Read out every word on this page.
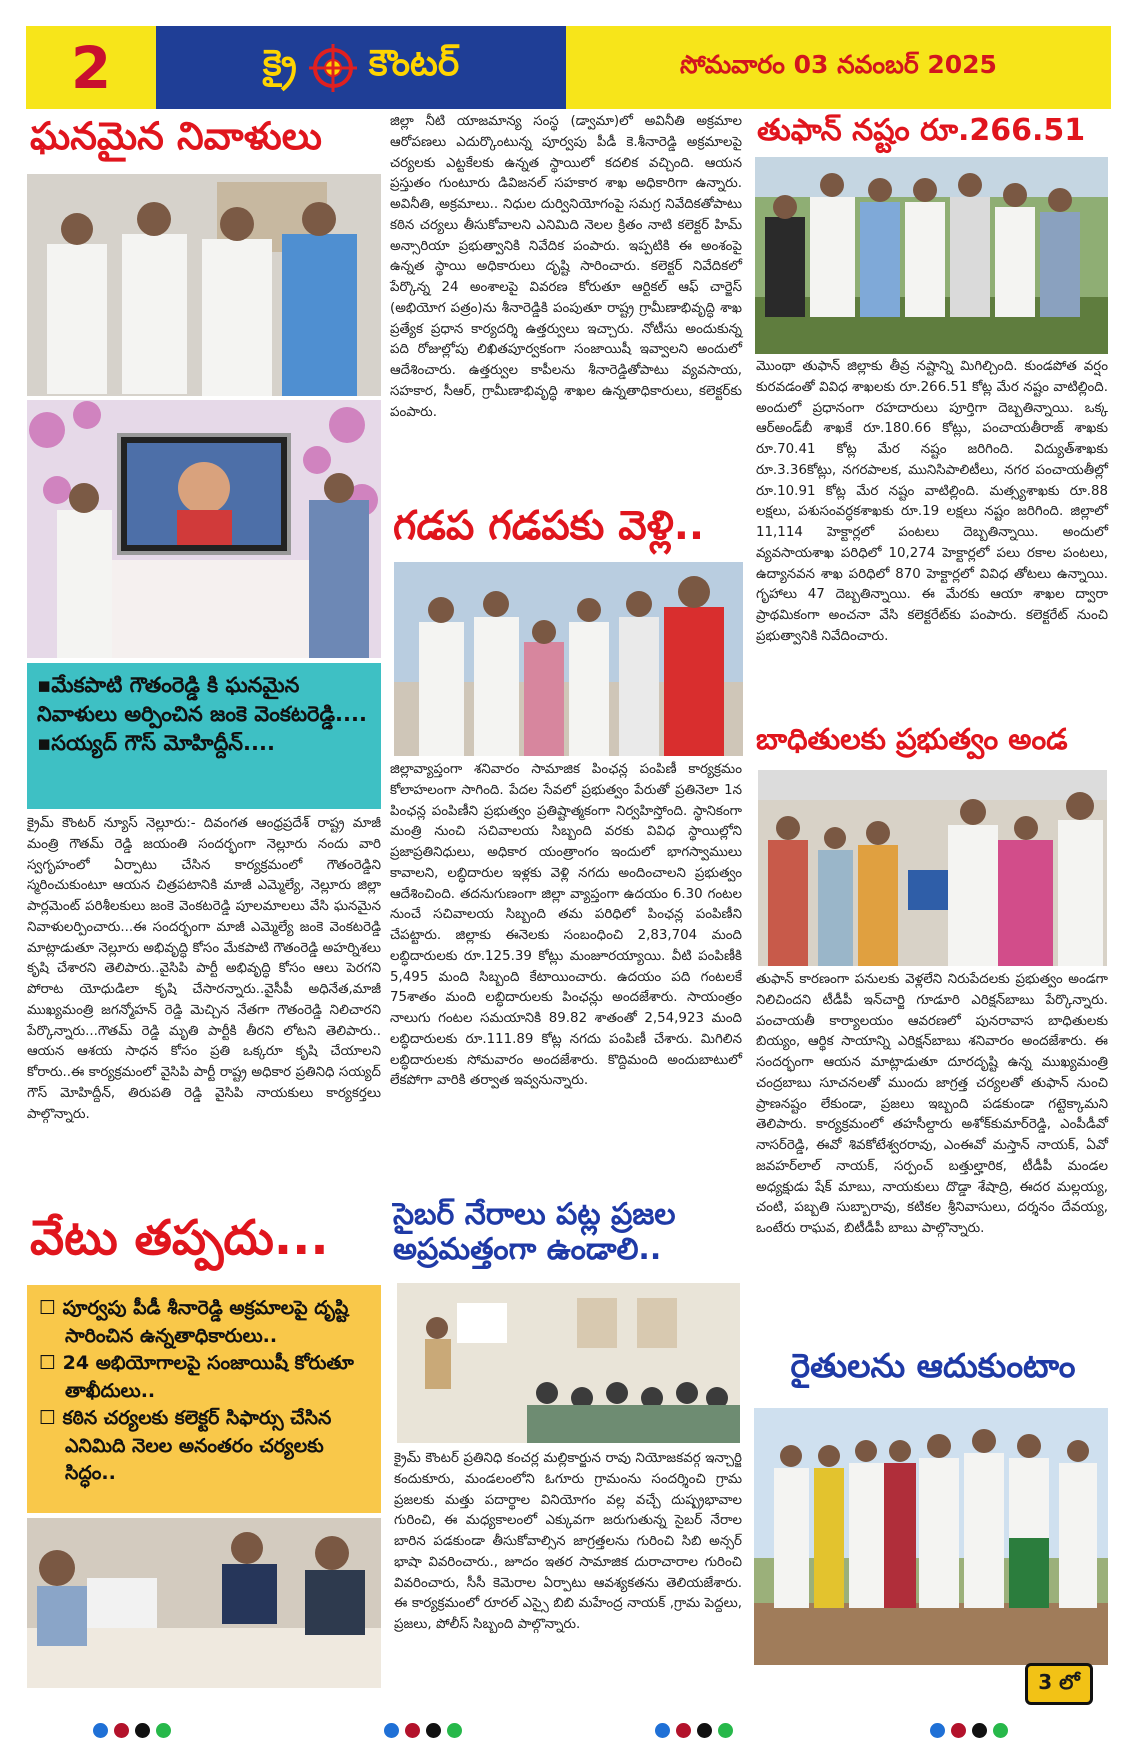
2	క్రై కౌంటర్	సోమవారం 03 నవంబర్ 2025
ఘనమైన నివాళులు
▪మేకపాటి గౌతంరెడ్డి కి ఘనమైన నివాళులు అర్పించిన జంకె వెంకటరెడ్డి....
▪సయ్యద్ గౌస్ మోహిద్దీన్....
క్రైమ్ కౌంటర్ న్యూస్ నెల్లూరు:- దివంగత ఆంధ్రప్రదేశ్ రాష్ట్ర మాజీ మంత్రి గౌతమ్ రెడ్డి జయంతి సందర్భంగా నెల్లూరు నందు వారి స్వగృహంలో ఏర్పాటు చేసిన కార్యక్రమంలో గౌతంరెడ్డిని స్మరించుకుంటూ ఆయన చిత్రపటానికి మాజీ ఎమ్మెల్యే, నెల్లూరు జిల్లా పార్లమెంట్ పరిశీలకులు జంకె వెంకటరెడ్డి పూలమాలలు వేసి ఘనమైన నివాళులర్పించారు...ఈ సందర్భంగా మాజీ ఎమ్మెల్యే జంకె వెంకటరెడ్డి మాట్లాడుతూ నెల్లూరు అభివృద్ధి కోసం మేకపాటి గౌతంరెడ్డి అహర్నిశలు కృషి చేశారని తెలిపారు..వైసిపి పార్టీ అభివృద్ధి కోసం ఆలు పెరగని పోరాట యోధుడిలా కృషి చేసారన్నారు..వైసీపీ అధినేత,మాజీ ముఖ్యమంత్రి జగన్మోహన్ రెడ్డి మెచ్చిన నేతగా గౌతంరెడ్డి నిలిచారని పేర్కొన్నారు...గౌతమ్ రెడ్డి మృతి పార్టీకి తీరని లోటని తెలిపారు.. ఆయన ఆశయ సాధన కోసం ప్రతి ఒక్కరూ కృషి చేయాలని కోరారు..ఈ కార్యక్రమంలో వైసిపి పార్టీ రాష్ట్ర అధికార ప్రతినిధి సయ్యద్ గౌస్ మోహిద్దీన్, తిరుపతి రెడ్డి వైసిపి నాయకులు కార్యకర్తలు పాల్గొన్నారు.
వేటు తప్పదు...
☐ పూర్వపు పీడీ శీనారెడ్డి అక్రమాలపై దృష్టి సారించిన ఉన్నతాధికారులు..
☐ 24 అభియోగాలపై సంజాయిషీ కోరుతూ తాఖీదులు..
☐ కఠిన చర్యలకు కలెక్టర్ సిఫార్సు చేసిన ఎనిమిది నెలల అనంతరం చర్యలకు సిద్ధం..
జిల్లా నీటి యాజమాన్య సంస్థ (డ్వామా)లో అవినీతి అక్రమాల ఆరోపణలు ఎదుర్కొంటున్న పూర్వపు పీడీ కె.శీనారెడ్డి అక్రమాలపై చర్యలకు ఎట్టకేలకు ఉన్నత స్థాయిలో కదలిక వచ్చింది. ఆయన ప్రస్తుతం గుంటూరు డివిజనల్ సహకార శాఖ అధికారిగా ఉన్నారు. అవినీతి, అక్రమాలు.. నిధుల దుర్వినియోగంపై సమగ్ర నివేదికతోపాటు కఠిన చర్యలు తీసుకోవాలని ఎనిమిది నెలల క్రితం నాటి కలెక్టర్ హిమ్ అన్సారియా ప్రభుత్వానికి నివేదిక పంపారు. ఇప్పటికి ఈ అంశంపై ఉన్నత స్థాయి అధికారులు దృష్టి సారించారు. కలెక్టర్ నివేదికలో పేర్కొన్న 24 అంశాలపై వివరణ కోరుతూ ఆర్టికల్ ఆఫ్ చార్జెస్ (అభియోగ పత్రం)ను శీనారెడ్డికి పంపుతూ రాష్ట్ర గ్రామీణాభివృద్ధి శాఖ ప్రత్యేక ప్రధాన కార్యదర్శి ఉత్తర్వులు ఇచ్చారు. నోటీసు అందుకున్న పది రోజుల్లోపు లిఖితపూర్వకంగా సంజాయిషీ ఇవ్వాలని అందులో ఆదేశించారు. ఉత్తర్వుల కాపీలను శీనారెడ్డితోపాటు వ్యవసాయ, సహకార, సీఆర్, గ్రామీణాభివృద్ధి శాఖల ఉన్నతాధికారులు, కలెక్టర్‌కు పంపారు.
గడప గడపకు వెళ్లి..
జిల్లావ్యాప్తంగా శనివారం సామాజిక పింఛన్ల పంపిణీ కార్యక్రమం కోలాహలంగా సాగింది. పేదల సేవలో ప్రభుత్వం పేరుతో ప్రతినెలా 1న పింఛన్ల పంపిణీని ప్రభుత్వం ప్రతిష్టాత్మకంగా నిర్వహిస్తోంది. స్థానికంగా మంత్రి నుంచి సచివాలయ సిబ్బంది వరకు వివిధ స్థాయిల్లోని ప్రజాప్రతినిధులు, అధికార యంత్రాంగం ఇందులో భాగస్వాములు కావాలని, లబ్ధిదారుల ఇళ్లకు వెళ్లి నగదు అందించాలని ప్రభుత్వం ఆదేశించింది. తదనుగుణంగా జిల్లా వ్యాప్తంగా ఉదయం 6.30 గంటల నుంచే సచివాలయ సిబ్బంది తమ పరిధిలో పింఛన్ల పంపిణీని చేపట్టారు. జిల్లాకు ఈనెలకు సంబంధించి 2,83,704 మంది లబ్ధిదారులకు రూ.125.39 కోట్లు మంజూరయ్యాయి. వీటి పంపిణీకి 5,495 మంది సిబ్బంది కేటాయించారు. ఉదయం పది గంటలకే 75శాతం మంది లబ్ధిదారులకు పింఛన్లు అందజేశారు. సాయంత్రం నాలుగు గంటల సమయానికి 89.82 శాతంతో 2,54,923 మంది లబ్ధిదారులకు రూ.111.89 కోట్ల నగదు పంపిణీ చేశారు. మిగిలిన లబ్ధిదారులకు సోమవారం అందజేశారు. కొద్దిమంది అందుబాటులో లేకపోగా వారికి తర్వాత ఇవ్వనున్నారు.
సైబర్ నేరాలు పట్ల ప్రజల అప్రమత్తంగా ఉండాలి..
క్రైమ్ కౌంటర్ ప్రతినిధి కంచర్ల మల్లికార్జున రావు నియోజకవర్గ ఇన్చార్జి కందుకూరు, మండలంలోని ఓగూరు గ్రామంను సందర్శించి గ్రామ ప్రజలకు మత్తు పదార్థాల వినియోగం వల్ల వచ్చే దుష్ప్రభావాల గురించి, ఈ మధ్యకాలంలో ఎక్కువగా జరుగుతున్న సైబర్ నేరాల బారిన పడకుండా తీసుకోవాల్సిన జాగ్రత్తలను గురించి సిబి అన్సర్ భాషా వివరించారు., జూదం ఇతర సామాజిక దురాచారాల గురించి వివరించారు, సీసీ కెమెరాల ఏర్పాటు ఆవశ్యకతను తెలియజేశారు. ఈ కార్యక్రమంలో రూరల్ ఎస్సై బిబి మహేంద్ర నాయక్ ,గ్రామ పెద్దలు, ప్రజలు, పోలీస్ సిబ్బంది పాల్గొన్నారు.
తుఫాన్ నష్టం రూ.266.51
మొంథా తుఫాన్ జిల్లాకు తీవ్ర నష్టాన్ని మిగిల్చింది. కుండపోత వర్షం కురవడంతో వివిధ శాఖలకు రూ.266.51 కోట్ల మేర నష్టం వాటిల్లింది. అందులో ప్రధానంగా రహదారులు పూర్తిగా దెబ్బతిన్నాయి. ఒక్క ఆర్‌అండ్‌బీ శాఖకే రూ.180.66 కోట్లు, పంచాయతీరాజ్ శాఖకు రూ.70.41 కోట్ల మేర నష్టం జరిగింది. విద్యుత్‌శాఖకు రూ.3.36కోట్లు, నగరపాలక, మునిసిపాలిటీలు, నగర పంచాయతీల్లో రూ.10.91 కోట్ల మేర నష్టం వాటిల్లింది. మత్స్యశాఖకు రూ.88 లక్షలు, పశుసంవర్ధకశాఖకు రూ.19 లక్షలు నష్టం జరిగింది. జిల్లాలో 11,114 హెక్టార్లలో పంటలు దెబ్బతిన్నాయి. అందులో వ్యవసాయశాఖ పరిధిలో 10,274 హెక్టార్లలో పలు రకాల పంటలు, ఉద్యానవన శాఖ పరిధిలో 870 హెక్టార్లలో వివిధ తోటలు ఉన్నాయి. గృహాలు 47 దెబ్బతిన్నాయి. ఈ మేరకు ఆయా శాఖల ద్వారా ప్రాథమికంగా అంచనా వేసి కలెక్టరేట్‌కు పంపారు. కలెక్టరేట్ నుంచి ప్రభుత్వానికి నివేదించారు.
బాధితులకు ప్రభుత్వం అండ
తుఫాన్ కారణంగా పనులకు వెళ్లలేని నిరుపేదలకు ప్రభుత్వం అండగా నిలిచిందని టీడీపీ ఇన్‌చార్జి గూడూరి ఎరిక్షన్‌బాబు పేర్కొన్నారు. పంచాయతీ కార్యాలయం ఆవరణలో పునరావాస బాధితులకు బియ్యం, ఆర్థిక సాయాన్ని ఎరిక్షన్‌బాబు శనివారం అందజేశారు. ఈ సందర్భంగా ఆయన మాట్లాడుతూ దూరదృష్టి ఉన్న ముఖ్యమంత్రి చంద్రబాబు సూచనలతో ముందు జాగ్రత్త చర్యలతో తుఫాన్ నుంచి ప్రాణనష్టం లేకుండా, ప్రజలు ఇబ్బంది పడకుండా గట్టెక్కామని తెలిపారు. కార్యక్రమంలో తహసీల్దారు అశోక్‌కుమార్‌రెడ్డి, ఎంపీడీవో నాసర్‌రెడ్డి, ఈవో శివకోటేశ్వరరావు, ఎంఈవో మస్తాన్ నాయక్, ఏవో జవహర్‌లాల్ నాయక్, సర్పంచ్ బత్తుల్హారిక, టీడీపీ మండల అధ్యక్షుడు షేక్ మాబు, నాయకులు దొడ్డా శేషాద్రి, ఈదర మల్లయ్య, చంటి, పబ్బతి సుబ్బారావు, కటికల శ్రీనివాసులు, దర్శనం దేవయ్య, ఒంటేరు రాఘవ, బిటీడీపీ బాబు పాల్గొన్నారు.
రైతులను ఆదుకుంటాం
3 లో
